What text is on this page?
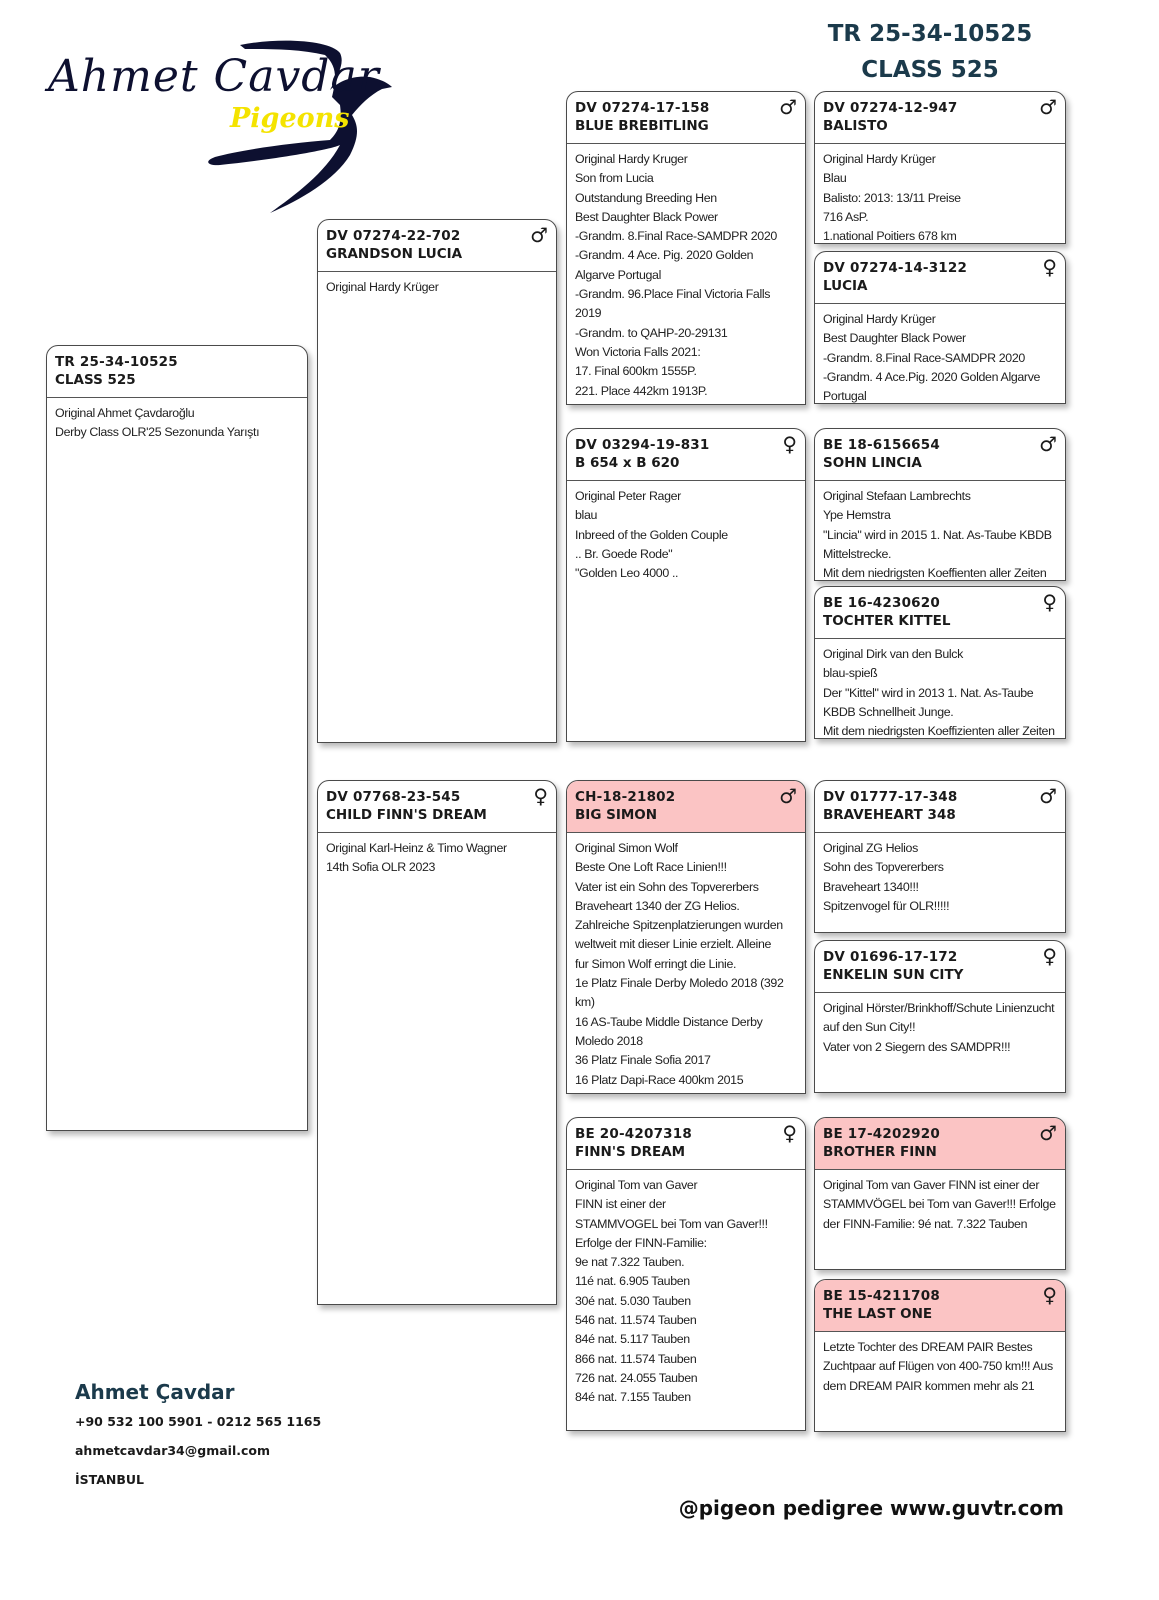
Ahmet Cavdar
Pigeons
TR 25-34-10525
CLASS 525
TR 25-34-10525
CLASS 525
Original Ahmet Çavdaroğlu
Derby Class OLR'25 Sezonunda Yarıştı
DV 07274-22-702
GRANDSON LUCIA
♂
Original Hardy Krüger
DV 07768-23-545
CHILD FINN'S DREAM
♀
Original Karl-Heinz & Timo Wagner
14th Sofia OLR 2023
DV 07274-17-158
BLUE BREBITLING
♂
Original Hardy Kruger
Son from Lucia
Outstandung Breeding Hen
Best Daughter Black Power
-Grandm. 8.Final Race-SAMDPR 2020
-Grandm. 4 Ace. Pig. 2020 Golden
Algarve Portugal
-Grandm. 96.Place Final Victoria Falls
2019
-Grandm. to QAHP-20-29131
Won Victoria Falls 2021:
17. Final 600km 1555P.
221. Place 442km 1913P.
DV 03294-19-831
B 654 x B 620
♀
Original Peter Rager
blau
Inbreed of the Golden Couple
.. Br. Goede Rode"
"Golden Leo 4000 ..
CH-18-21802
BIG SIMON
♂
Original Simon Wolf
Beste One Loft Race Linien!!!
Vater ist ein Sohn des Topvererbers
Braveheart 1340 der ZG Helios.
Zahlreiche Spitzenplatzierungen wurden
weltweit mit dieser Linie erzielt. Alleine
fur Simon Wolf erringt die Linie.
1e Platz Finale Derby Moledo 2018 (392
km)
16 AS-Taube Middle Distance Derby
Moledo 2018
36 Platz Finale Sofia 2017
16 Platz Dapi-Race 400km 2015
BE 20-4207318
FINN'S DREAM
♀
Original Tom van Gaver
FINN ist einer der
STAMMVOGEL bei Tom van Gaver!!!
Erfolge der FINN-Familie:
9e nat 7.322 Tauben.
11é nat. 6.905 Tauben
30é nat. 5.030 Tauben
546 nat. 11.574 Tauben
84é nat. 5.117 Tauben
866 nat. 11.574 Tauben
726 nat. 24.055 Tauben
84é nat. 7.155 Tauben
DV 07274-12-947
BALISTO
♂
Original Hardy Krüger
Blau
Balisto: 2013: 13/11 Preise
716 AsP.
1.national Poitiers 678 km
DV 07274-14-3122
LUCIA
♀
Original Hardy Krüger
Best Daughter Black Power
-Grandm. 8.Final Race-SAMDPR 2020
-Grandm. 4 Ace.Pig. 2020 Golden Algarve
Portugal
BE 18-6156654
SOHN LINCIA
♂
Original Stefaan Lambrechts
Ype Hemstra
"Lincia" wird in 2015 1. Nat. As-Taube KBDB
Mittelstrecke.
Mit dem niedrigsten Koeffienten aller Zeiten
BE 16-4230620
TOCHTER KITTEL
♀
Original Dirk van den Bulck
blau-spieß
Der "Kittel" wird in 2013 1. Nat. As-Taube
KBDB Schnellheit Junge.
Mit dem niedrigsten Koeffizienten aller Zeiten
DV 01777-17-348
BRAVEHEART 348
♂
Original ZG Helios
Sohn des Topvererbers
Braveheart 1340!!!
Spitzenvogel für OLR!!!!!
DV 01696-17-172
ENKELIN SUN CITY
♀
Original Hörster/Brinkhoff/Schute Linienzucht
auf den Sun City!!
Vater von 2 Siegern des SAMDPR!!!
BE 17-4202920
BROTHER FINN
♂
Original Tom van Gaver FINN ist einer der
STAMMVÖGEL bei Tom van Gaver!!! Erfolge
der FINN-Familie: 9é nat. 7.322 Tauben
BE 15-4211708
THE LAST ONE
♀
Letzte Tochter des DREAM PAIR Bestes
Zuchtpaar auf Flügen von 400-750 km!!! Aus
dem DREAM PAIR kommen mehr als 21
Ahmet Çavdar
+90 532 100 5901 - 0212 565 1165
ahmetcavdar34@gmail.com
İSTANBUL
@pigeon pedigree www.guvtr.com
